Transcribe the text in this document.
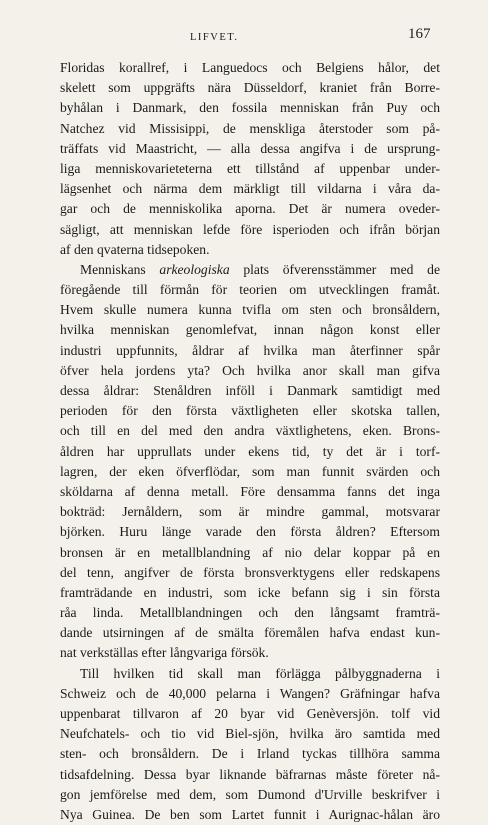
LIFVET.	167
Floridas korallref, i Languedocs och Belgiens hålor, det
skelett som uppgräfts nära Düsseldorf, kraniet från Borre-
byhålan i Danmark, den fossila menniskan från Puy och
Natchez vid Missisippi, de menskliga återstoder som på-
träffats vid Maastricht, — alla dessa angifva i de ursprung-
liga menniskovarieteterna ett tillstånd af uppenbar under-
lägsenhet och närma dem märkligt till vildarna i våra da-
gar och de menniskolika aporna. Det är numera oveder-
sägligt, att menniskan lefde före isperioden och ifrån början
af den qvaterna tidsepoken.
Menniskans arkeologiska plats öfverensstämmer med de
föregående till förmån för teorien om utvecklingen framåt.
Hvem skulle numera kunna tvifla om sten och bronsåldern,
hvilka menniskan genomlefvat, innan någon konst eller
industri uppfunnits, åldrar af hvilka man återfinner spår
öfver hela jordens yta? Och hvilka anor skall man gifva
dessa åldrar: Stenåldren inföll i Danmark samtidigt med
perioden för den första växtligheten eller skotska tallen,
och till en del med den andra växtlighetens, eken. Brons-
åldren har upprullats under ekens tid, ty det är i torf-
lagren, der eken öfverflödar, som man funnit svärden och
sköldarna af denna metall. Före densamma fanns det inga
bokträd: Jernåldern, som är mindre gammal, motsvarar
björken. Huru länge varade den första åldren? Eftersom
bronsen är en metallblandning af nio delar koppar på en
del tenn, angifver de första bronsverktygens eller redskapens
framträdande en industri, som icke befann sig i sin första
råa linda. Metallblandningen och den långsamt framträ-
dande utsirningen af de smälta föremålen hafva endast kun-
nat verkställas efter långvariga försök.
Till hvilken tid skall man förlägga pålbyggnaderna i
Schweiz och de 40,000 pelarna i Wangen? Gräfningar hafva
uppenbarat tillvaron af 20 byar vid Genèversjön. tolf vid
Neufchatels- och tio vid Biel-sjön, hvilka äro samtida med
sten- och bronsåldern. De i Irland tyckas tillhöra samma
tidsafdelning. Dessa byar liknande bäfrarnas måste företer nå-
gon jemförelse med dem, som Dumond d'Urville beskrifver i
Nya Guinea. De ben som Lartet funnit i Aurignac-hålan äro
